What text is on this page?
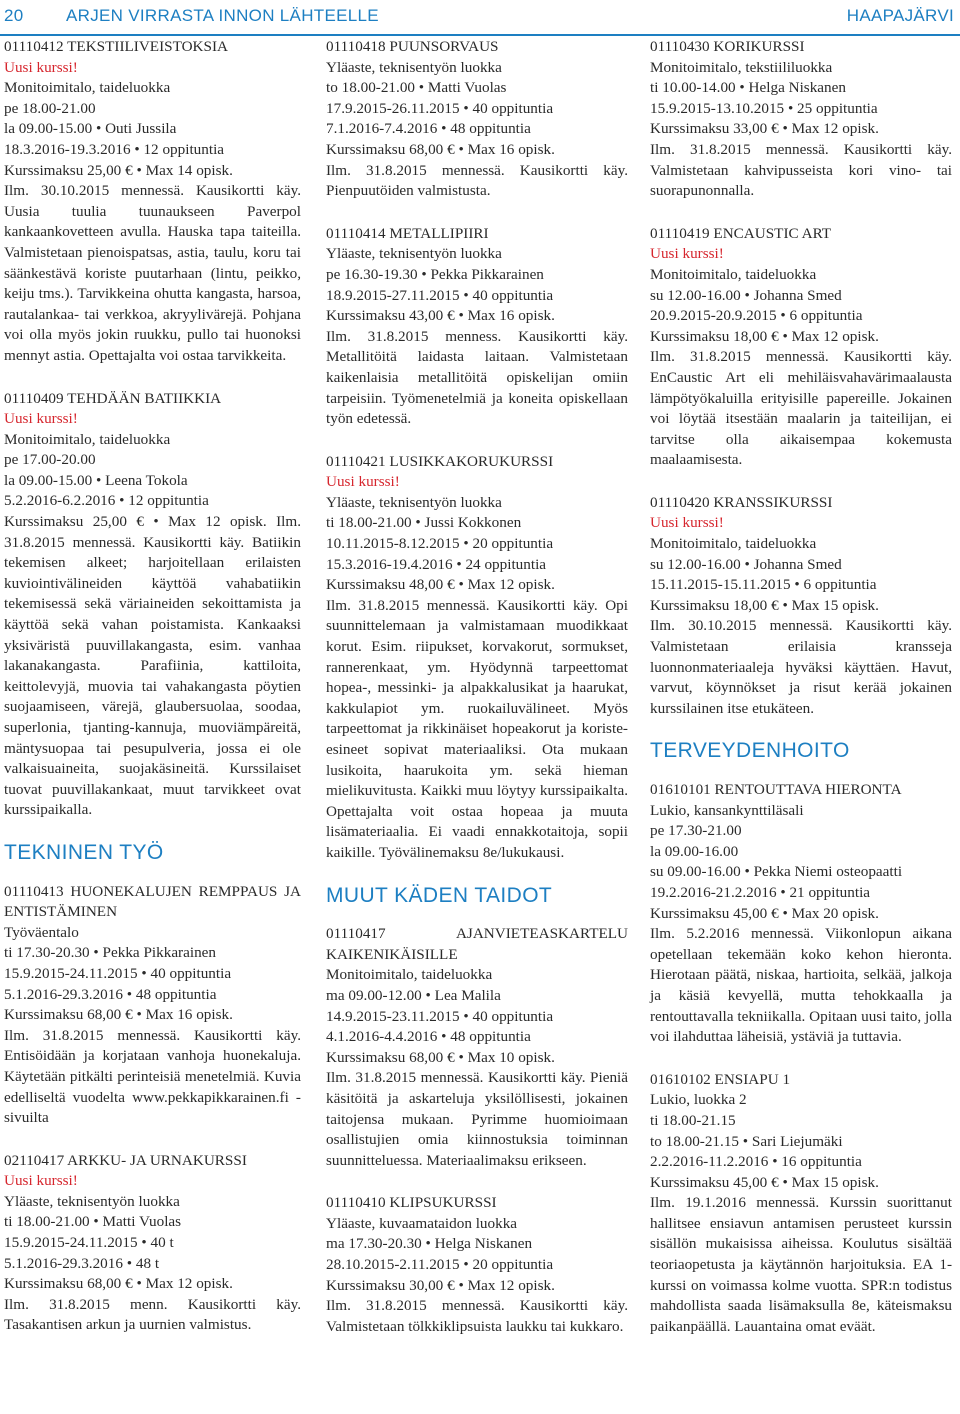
20 ARJEN VIRRASTA INNON LÄHTEELLE	HAAPAJÄRVI

01110412 TEKSTIILIVEISTOKSIA

Uusi kurssi!

Monitoimitalo, taideluokka

pe 18.00-21.00

la 09.00-15.00 • Outi Jussila

18.3.2016-19.3.2016 • 12 oppituntia

Kurssimaksu 25,00 € • Max 14 opisk.

Ilm. 30.10.2015 mennessä. Kausikortti käy. Uusia tuulia tuunaukseen Paverpol kankaankovetteen avulla. Hauska tapa taiteilla. Valmistetaan pienoispatsas, astia, taulu, koru tai säänkestävä koriste puutarhaan (lintu, peikko, keiju tms.). Tarvikkeina ohutta kangasta, harsoa, rautalankaa- tai verkkoa, akryylivärejä. Pohjana voi olla myös jokin ruukku, pullo tai huonoksi mennyt astia. Opettajalta voi ostaa tarvikkeita.

01110409 TEHDÄÄN BATIIKKIA

Uusi kurssi!

Monitoimitalo, taideluokka

pe 17.00-20.00

la 09.00-15.00 • Leena Tokola

5.2.2016-6.2.2016 • 12 oppituntia

Kurssimaksu 25,00 € • Max 12 opisk. Ilm. 31.8.2015 mennessä. Kausikortti käy. Batiikin tekemisen alkeet; harjoitellaan erilaisten kuviointivälineiden käyttöä vahabatiikin tekemisessä sekä väriaineiden sekoittamista ja käyttöä sekä vahan poistamista. Kankaaksi yksiväristä puuvillakangasta, esim. vanhaa lakanakangasta. Parafiinia, kattiloita, keittolevyjä, muovia tai vahakangasta pöytien suojaamiseen, värejä, glaubersuolaa, soodaa, superlonia, tjanting-kannuja, muoviämpäreitä, mäntysuopaa tai pesupulveria, jossa ei ole valkaisuaineita, suojakäsineitä. Kurssilaiset tuovat puuvillakankaat, muut tarvikkeet ovat kurssipaikalla.

TEKNINEN TYÖ

01110413 HUONEKALUJEN REMPPAUS JA ENTISTÄMINEN

Työväentalo

ti 17.30-20.30 • Pekka Pikkarainen

15.9.2015-24.11.2015 • 40 oppituntia

5.1.2016-29.3.2016 • 48 oppituntia

Kurssimaksu 68,00 € • Max 16 opisk.

Ilm. 31.8.2015 mennessä. Kausikortti käy. Entisöidään ja korjataan vanhoja huonekaluja. Käytetään pitkälti perinteisiä menetelmiä. Kuvia edelliseltä vuodelta www.pekkapikkarainen.fi -sivuilta

02110417 ARKKU- JA URNAKURSSI

Uusi kurssi!

Yläaste, teknisentyön luokka

ti 18.00-21.00 • Matti Vuolas

15.9.2015-24.11.2015 • 40 t

5.1.2016-29.3.2016 • 48 t

Kurssimaksu 68,00 € • Max 12 opisk.

Ilm. 31.8.2015 menn. Kausikortti käy. Tasakantisen arkun ja uurnien valmistus.

01110418 PUUNSORVAUS

Yläaste, teknisentyön luokka

to 18.00-21.00 • Matti Vuolas

17.9.2015-26.11.2015 • 40 oppituntia

7.1.2016-7.4.2016 • 48 oppituntia

Kurssimaksu 68,00 € • Max 16 opisk.

Ilm. 31.8.2015 mennessä. Kausikortti käy. Pienpuutöiden valmistusta.

01110414 METALLIPIIRI

Yläaste, teknisentyön luokka

pe 16.30-19.30 • Pekka Pikkarainen

18.9.2015-27.11.2015 • 40 oppituntia

Kurssimaksu 43,00 € • Max 16 opisk.

Ilm. 31.8.2015 menness. Kausikortti käy. Metallitöitä laidasta laitaan. Valmistetaan kaikenlaisia metallitöitä opiskelijan omiin tarpeisiin. Työmenetelmiä ja koneita opiskellaan työn edetessä.

01110421 LUSIKKAKORUKURSSI

Uusi kurssi!

Yläaste, teknisentyön luokka

ti 18.00-21.00 • Jussi Kokkonen

10.11.2015-8.12.2015 • 20 oppituntia

15.3.2016-19.4.2016 • 24 oppituntia

Kurssimaksu 48,00 € • Max 12 opisk.

Ilm. 31.8.2015 mennessä. Kausikortti käy. Opi suunnittelemaan ja valmistamaan muodikkaat korut. Esim. riipukset, korvakorut, sormukset, rannerenkaat, ym. Hyödynnä tarpeettomat hopea-, messinki- ja alpakkalusikat ja haarukat, kakkulapiot ym. ruokailuvälineet. Myös tarpeettomat ja rikkinäiset hopeakorut ja koriste-esineet sopivat materiaaliksi. Ota mukaan lusikoita, haarukoita ym. sekä hieman mielikuvitusta. Kaikki muu löytyy kurssipaikalta. Opettajalta voit ostaa hopeaa ja muuta lisämateriaalia. Ei vaadi ennakkotaitoja, sopii kaikille. Työvälinemaksu 8e/lukukausi.

MUUT KÄDEN TAIDOT

01110417 AJANVIETEASKARTELU KAIKENIKÄISILLE

Monitoimitalo, taideluokka

ma 09.00-12.00 • Lea Malila

14.9.2015-23.11.2015 • 40 oppituntia

4.1.2016-4.4.2016 • 48 oppituntia

Kurssimaksu 68,00 € • Max 10 opisk.

Ilm. 31.8.2015 mennessä. Kausikortti käy. Pieniä käsitöitä ja askarteluja yksilöllisesti, jokainen taitojensa mukaan. Pyrimme huomioimaan osallistujien omia kiinnostuksia toiminnan suunnitteluessa. Materiaalimaksu erikseen.

01110410 KLIPSUKURSSI

Yläaste, kuvaamataidon luokka

ma 17.30-20.30 • Helga Niskanen

28.10.2015-2.11.2015 • 20 oppituntia

Kurssimaksu 30,00 € • Max 12 opisk.

Ilm. 31.8.2015 mennessä. Kausikortti käy. Valmistetaan tölkkiklipsuista laukku tai kukkaro.

01110430 KORIKURSSI

Monitoimitalo, tekstiililuokka

ti 10.00-14.00 • Helga Niskanen

15.9.2015-13.10.2015 • 25 oppituntia

Kurssimaksu 33,00 € • Max 12 opisk.

Ilm. 31.8.2015 mennessä. Kausikortti käy. Valmistetaan kahvipusseista kori vino- tai suorapunonnalla.

01110419 ENCAUSTIC ART

Uusi kurssi!

Monitoimitalo, taideluokka

su 12.00-16.00 • Johanna Smed

20.9.2015-20.9.2015 • 6 oppituntia

Kurssimaksu 18,00 € • Max 12 opisk.

Ilm. 31.8.2015 mennessä. Kausikortti käy. EnCaustic Art eli mehiläisvahavärimaalausta lämpötyökaluilla erityisille papereille. Jokainen voi löytää itsestään maalarin ja taiteilijan, ei tarvitse olla aikaisempaa kokemusta maalaamisesta.

01110420 KRANSSIKURSSI

Uusi kurssi!

Monitoimitalo, taideluokka

su 12.00-16.00 • Johanna Smed

15.11.2015-15.11.2015 • 6 oppituntia

Kurssimaksu 18,00 € • Max 15 opisk.

Ilm. 30.10.2015 mennessä. Kausikortti käy. Valmistetaan erilaisia kransseja luonnonmateriaaleja hyväksi käyttäen. Havut, varvut, köynnökset ja risut kerää jokainen kurssilainen itse etukäteen.

TERVEYDENHOITO

01610101 RENTOUTTAVA HIERONTA

Lukio, kansankynttiläsali

pe 17.30-21.00

la 09.00-16.00

su 09.00-16.00 • Pekka Niemi osteopaatti

19.2.2016-21.2.2016 • 21 oppituntia

Kurssimaksu 45,00 € • Max 20 opisk.

Ilm. 5.2.2016 mennessä. Viikonlopun aikana opetellaan tekemään koko kehon hieronta. Hierotaan päätä, niskaa, hartioita, selkää, jalkoja ja käsiä kevyellä, mutta tehokkaalla ja rentouttavalla tekniikalla. Opitaan uusi taito, jolla voi ilahduttaa läheisiä, ystäviä ja tuttavia.

01610102 ENSIAPU 1

Lukio, luokka 2

ti 18.00-21.15

to 18.00-21.15 • Sari Liejumäki

2.2.2016-11.2.2016 • 16 oppituntia

Kurssimaksu 45,00 € • Max 15 opisk.

Ilm. 19.1.2016 mennessä. Kurssin suorittanut hallitsee ensiavun antamisen perusteet kurssin sisällön mukaisissa aiheissa. Koulutus sisältää teoriaopetusta ja käytännön harjoituksia. EA 1-kurssi on voimassa kolme vuotta. SPR:n todistus mahdollista saada lisämaksulla 8e, käteismaksu paikanpäällä. Lauantaina omat eväät.
